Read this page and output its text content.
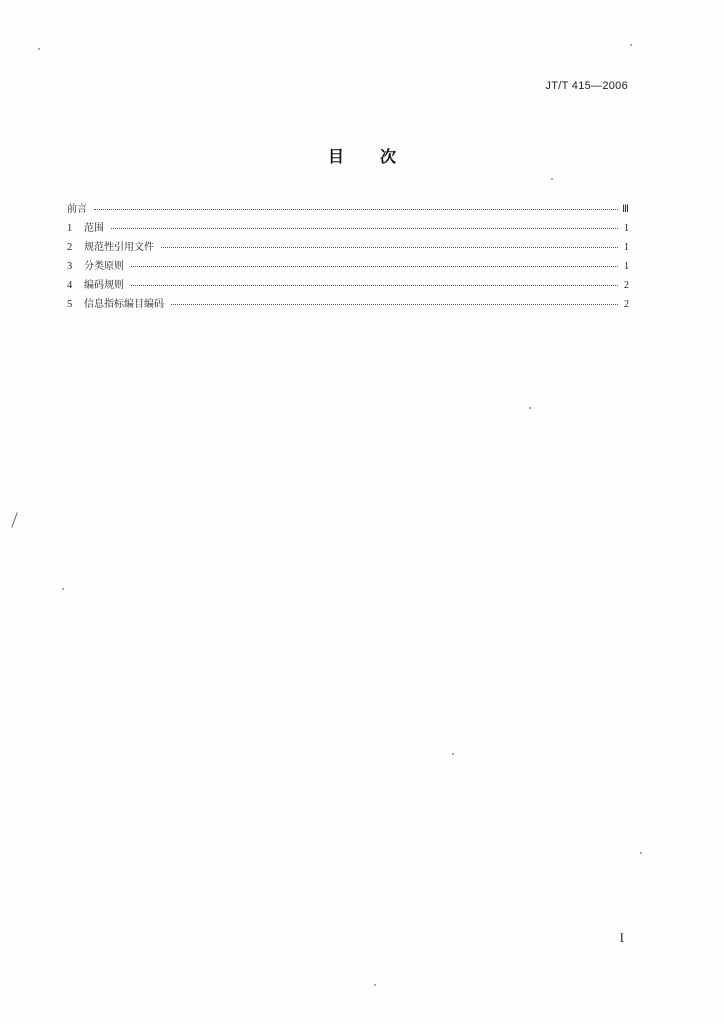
JT/T 415—2006
目 次
前言	Ⅲ
1	范围	1
2	规范性引用文件	1
3	分类原则	1
4	编码规则	2
5	信息指标编目编码	2
I
